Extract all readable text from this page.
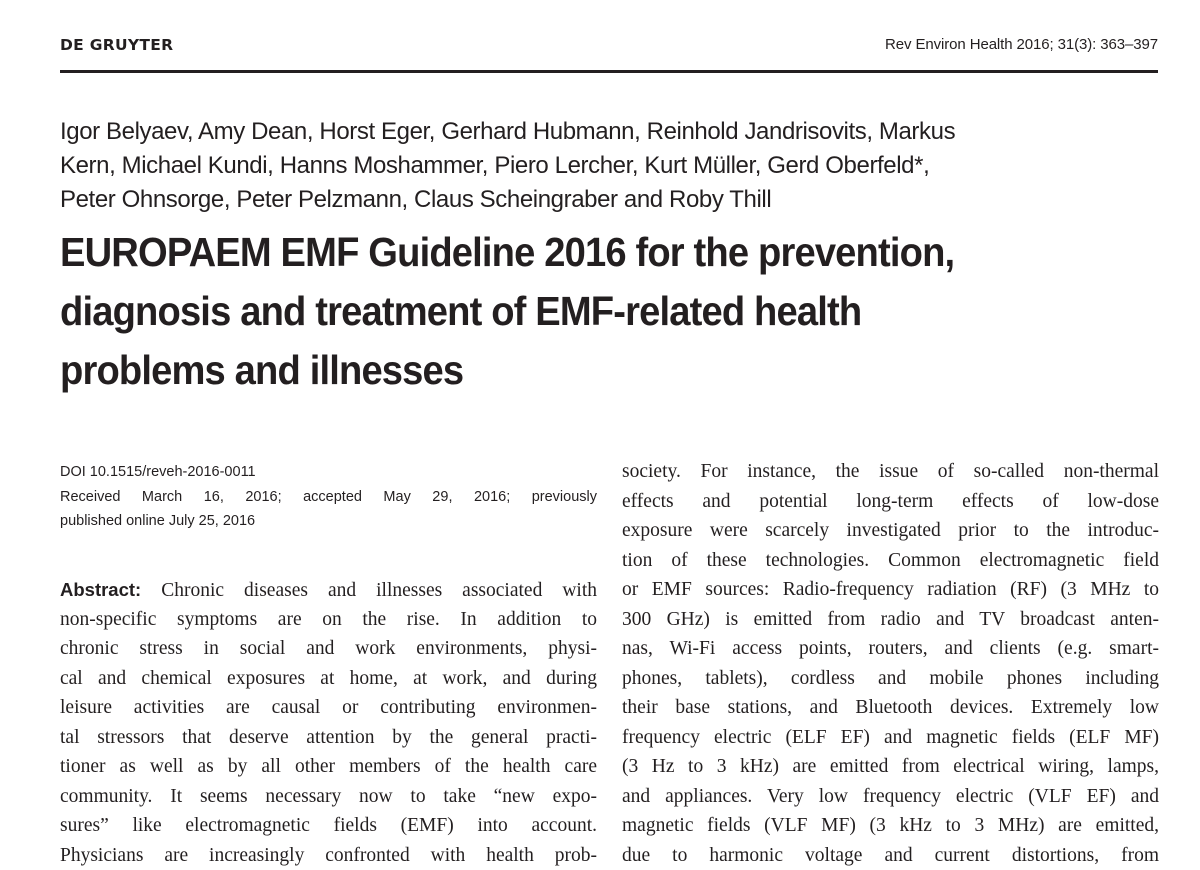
DE GRUYTER	Rev Environ Health 2016; 31(3): 363–397
Igor Belyaev, Amy Dean, Horst Eger, Gerhard Hubmann, Reinhold Jandrisovits, Markus
Kern, Michael Kundi, Hanns Moshammer, Piero Lercher, Kurt Müller, Gerd Oberfeld*,
Peter Ohnsorge, Peter Pelzmann, Claus Scheingraber and Roby Thill
EUROPAEM EMF Guideline 2016 for the prevention,
diagnosis and treatment of EMF-related health
problems and illnesses
DOI 10.1515/reveh-2016-0011
Received March 16, 2016; accepted May 29, 2016; previously
published online July 25, 2016
Abstract: Chronic diseases and illnesses associated with
non-specific symptoms are on the rise. In addition to
chronic stress in social and work environments, physi-
cal and chemical exposures at home, at work, and during
leisure activities are causal or contributing environmen-
tal stressors that deserve attention by the general practi-
tioner as well as by all other members of the health care
community. It seems necessary now to take “new expo-
sures” like electromagnetic fields (EMF) into account.
Physicians are increasingly confronted with health prob-
society. For instance, the issue of so-called non-thermal
effects and potential long-term effects of low-dose
exposure were scarcely investigated prior to the introduc-
tion of these technologies. Common electromagnetic field
or EMF sources: Radio-frequency radiation (RF) (3 MHz to
300 GHz) is emitted from radio and TV broadcast anten-
nas, Wi-Fi access points, routers, and clients (e.g. smart-
phones, tablets), cordless and mobile phones including
their base stations, and Bluetooth devices. Extremely low
frequency electric (ELF EF) and magnetic fields (ELF MF)
(3 Hz to 3 kHz) are emitted from electrical wiring, lamps,
and appliances. Very low frequency electric (VLF EF) and
magnetic fields (VLF MF) (3 kHz to 3 MHz) are emitted,
due to harmonic voltage and current distortions, from
